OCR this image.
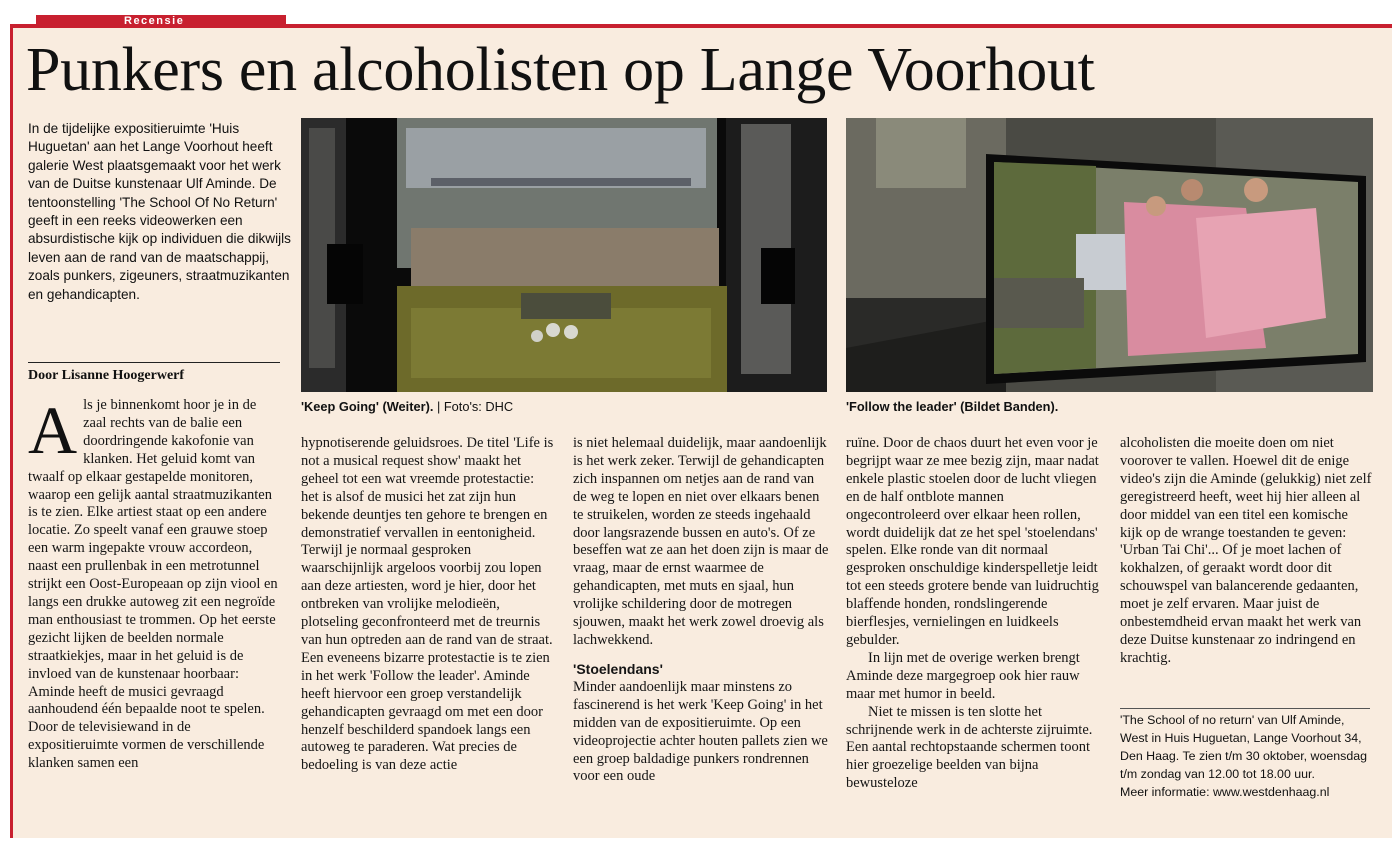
Recensie
Punkers en alcoholisten op Lange Voorhout
In de tijdelijke expositieruimte 'Huis Huguetan' aan het Lange Voorhout heeft galerie West plaatsgemaakt voor het werk van de Duitse kunstenaar Ulf Aminde. De tentoonstelling 'The School Of No Return' geeft in een reeks videowerken een absurdistische kijk op individuen die dikwijls leven aan de rand van de maatschappij, zoals punkers, zigeuners, straatmuzikanten en gehandicapten.
Door Lisanne Hoogerwerf
'Keep Going' (Weiter). | Foto's: DHC	'Follow the leader' (Bildet Banden).
Als je binnenkomt hoor je in de zaal rechts van de balie een doordringende kakofonie van klanken. Het geluid komt van twaalf op elkaar gestapelde monitoren, waarop een gelijk aantal straatmuzikanten is te zien. Elke artiest staat op een andere locatie. Zo speelt vanaf een grauwe stoep een warm ingepakte vrouw accordeon, naast een prullenbak in een metrotunnel strijkt een Oost-Europeaan op zijn viool en langs een drukke autoweg zit een negroïde man enthousiast te trommen. Op het eerste gezicht lijken de beelden normale straatkiekjes, maar in het geluid is de invloed van de kunstenaar hoorbaar: Aminde heeft de musici gevraagd aanhoudend één bepaalde noot te spelen. Door de televisiewand in de expositieruimte vormen de verschillende klanken samen een

hypnotiserende geluidsroes. De titel 'Life is not a musical request show' maakt het geheel tot een wat vreemde protestactie: het is alsof de musici het zat zijn hun bekende deuntjes ten gehore te brengen en demonstratief vervallen in eentonigheid. Terwijl je normaal gesproken waarschijnlijk argeloos voorbij zou lopen aan deze artiesten, word je hier, door het ontbreken van vrolijke melodieën, plotseling geconfronteerd met de treurnis van hun optreden aan de rand van de straat. Een eveneens bizarre protestactie is te zien in het werk 'Follow the leader'. Aminde heeft hiervoor een groep verstandelijk gehandicapten gevraagd om met een door henzelf beschilderd spandoek langs een autoweg te paraderen. Wat precies de bedoeling is van deze actie

is niet helemaal duidelijk, maar aandoenlijk is het werk zeker. Terwijl de gehandicapten zich inspannen om netjes aan de rand van de weg te lopen en niet over elkaars benen te struikelen, worden ze steeds ingehaald door langsrazende bussen en auto's. Of ze beseffen wat ze aan het doen zijn is maar de vraag, maar de ernst waarmee de gehandicapten, met muts en sjaal, hun vrolijke schildering door de motregen sjouwen, maakt het werk zowel droevig als lachwekkend.

'Stoelendans'

Minder aandoenlijk maar minstens zo fascinerend is het werk 'Keep Going' in het midden van de expositieruimte. Op een videoprojectie achter houten pallets zien we een groep baldadige punkers rondrennen voor een oude

ruïne. Door de chaos duurt het even voor je begrijpt waar ze mee bezig zijn, maar nadat enkele plastic stoelen door de lucht vliegen en de half ontblote mannen ongecontroleerd over elkaar heen rollen, wordt duidelijk dat ze het spel 'stoelendans' spelen. Elke ronde van dit normaal gesproken onschuldige kinderspelletje leidt tot een steeds grotere bende van luidruchtig blaffende honden, rondslingerende bierflesjes, vernielingen en luidkeels gebulder.

In lijn met de overige werken brengt Aminde deze margegroep ook hier rauw maar met humor in beeld.

Niet te missen is ten slotte het schrijnende werk in de achterste zijruimte. Een aantal rechtopstaande schermen toont hier groezelige beelden van bijna bewusteloze

alcoholisten die moeite doen om niet voorover te vallen. Hoewel dit de enige video's zijn die Aminde (gelukkig) niet zelf geregistreerd heeft, weet hij hier alleen al door middel van een titel een komische kijk op de wrange toestanden te geven: 'Urban Tai Chi'... Of je moet lachen of kokhalzen, of geraakt wordt door dit schouwspel van balancerende gedaanten, moet je zelf ervaren. Maar juist de onbestemdheid ervan maakt het werk van deze Duitse kunstenaar zo indringend en krachtig.

'The School of no return' van Ulf Aminde, West in Huis Huguetan, Lange Voorhout 34, Den Haag. Te zien t/m 30 oktober, woensdag t/m zondag van 12.00 tot 18.00 uur.
Meer informatie: www.westdenhaag.nl
